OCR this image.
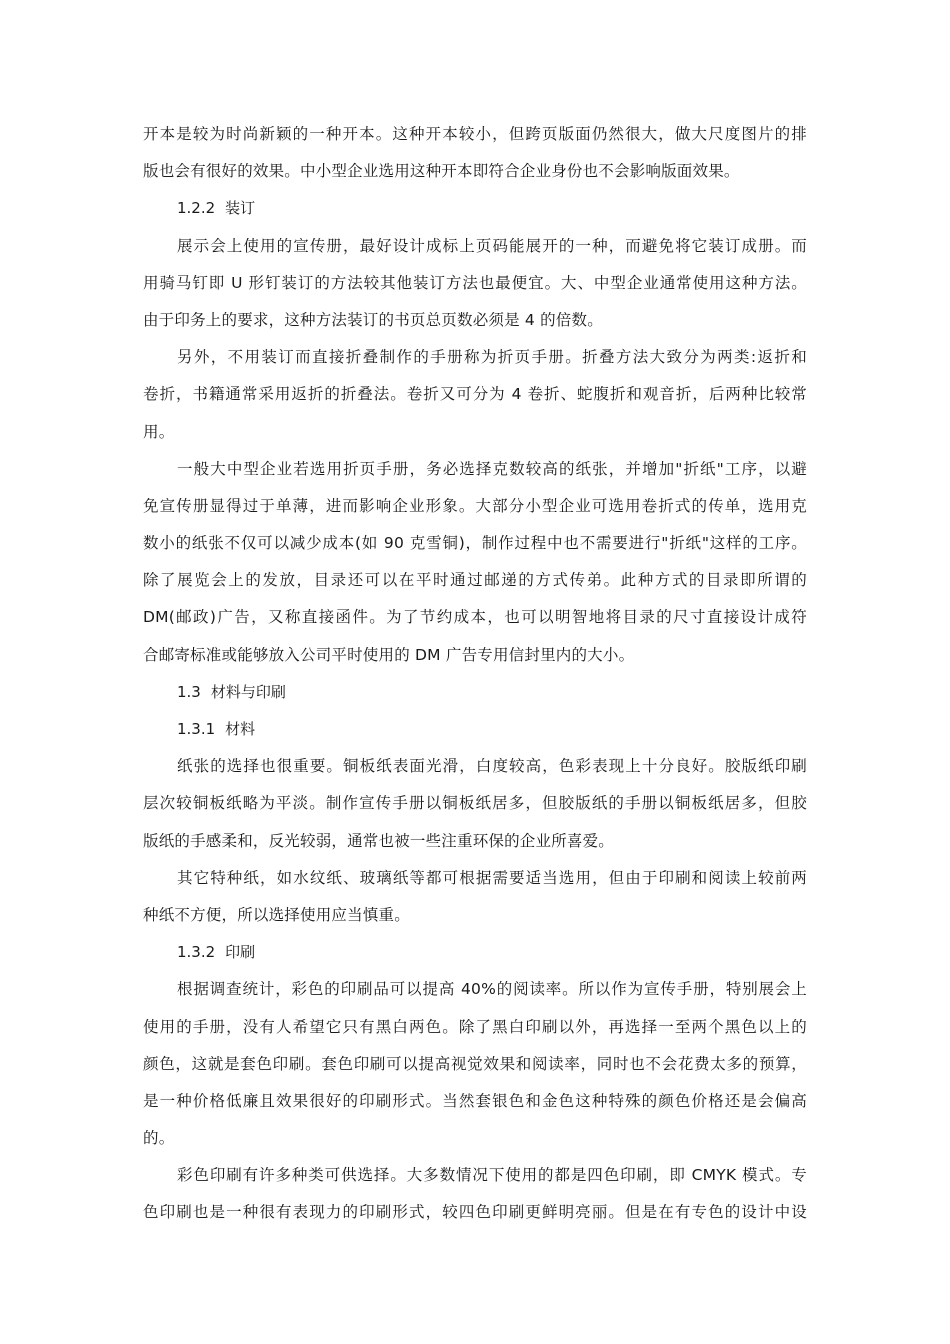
开本是较为时尚新颖的一种开本。这种开本较小，但跨页版面仍然很大，做大尺度图片的排
版也会有很好的效果。中小型企业选用这种开本即符合企业身份也不会影响版面效果。
1.2.2 装订
展示会上使用的宣传册，最好设计成标上页码能展开的一种，而避免将它装订成册。而
用骑马钉即 U 形钉装订的方法较其他装订方法也最便宜。大、中型企业通常使用这种方法。
由于印务上的要求，这种方法装订的书页总页数必须是 4 的倍数。
另外，不用装订而直接折叠制作的手册称为折页手册。折叠方法大致分为两类:返折和
卷折，书籍通常采用返折的折叠法。卷折又可分为 4 卷折、蛇腹折和观音折，后两种比较常
用。
一般大中型企业若选用折页手册，务必选择克数较高的纸张，并增加"折纸"工序，以避
免宣传册显得过于单薄，进而影响企业形象。大部分小型企业可选用卷折式的传单，选用克
数小的纸张不仅可以减少成本(如 90 克雪铜)，制作过程中也不需要进行"折纸"这样的工序。
除了展览会上的发放，目录还可以在平时通过邮递的方式传弟。此种方式的目录即所谓的
DM(邮政)广告，又称直接函件。为了节约成本，也可以明智地将目录的尺寸直接设计成符
合邮寄标准或能够放入公司平时使用的 DM 广告专用信封里内的大小。
1.3 材料与印刷
1.3.1 材料
纸张的选择也很重要。铜板纸表面光滑，白度较高，色彩表现上十分良好。胶版纸印刷
层次较铜板纸略为平淡。制作宣传手册以铜板纸居多，但胶版纸的手册以铜板纸居多，但胶
版纸的手感柔和，反光较弱，通常也被一些注重环保的企业所喜爱。
其它特种纸，如水纹纸、玻璃纸等都可根据需要适当选用，但由于印刷和阅读上较前两
种纸不方便，所以选择使用应当慎重。
1.3.2 印刷
根据调查统计，彩色的印刷品可以提高 40%的阅读率。所以作为宣传手册，特别展会上
使用的手册，没有人希望它只有黑白两色。除了黑白印刷以外，再选择一至两个黑色以上的
颜色，这就是套色印刷。套色印刷可以提高视觉效果和阅读率，同时也不会花费太多的预算，
是一种价格低廉且效果很好的印刷形式。当然套银色和金色这种特殊的颜色价格还是会偏高
的。
彩色印刷有许多种类可供选择。大多数情况下使用的都是四色印刷，即 CMYK 模式。专
色印刷也是一种很有表现力的印刷形式，较四色印刷更鲜明亮丽。但是在有专色的设计中设
